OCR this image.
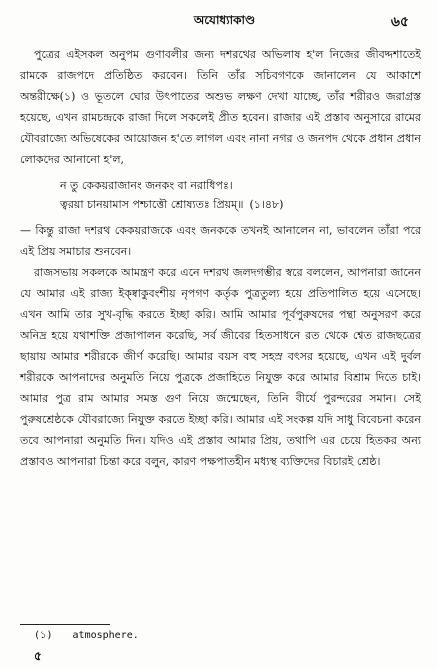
অযোধ্যাকাণ্ড	৬৫

পুত্রের এইসকল অনুপম গুণাবলীর জন্য দশরথের অভিলাষ হ'ল নিজের জীবদ্দশাতেই রামকে রাজপদে প্রতিষ্ঠিত করবেন। তিনি তাঁর সচিবগণকে জানালেন যে আকাশে অন্তরীক্ষে(১) ও ভূতলে ঘোর উৎপাতের অশুভ লক্ষণ দেখা যাচ্ছে, তাঁর শরীরও জরাগ্রস্ত হয়েছে, এখন রামচন্দ্রকে রাজা দিলে সকলেই প্রীত হবেন। রাজার এই প্রস্তাব অনুসারে রামের যৌবরাজ্যে অভিষেকের আয়োজন হ'তে লাগল এবং নানা নগর ও জনপদ থেকে প্রধান প্রধান লোকদের আনানো হ'ল,

ন তু কেকয়রাজানং জনকং বা নরাধিপঃ।
ত্বরয়া চানয়ামাস পশ্চাত্তৌ শ্রোষ্যতঃ প্রিয়ম্॥ (১।৪৮)

— কিন্তু রাজা দশরথ কেকয়রাজকে এবং জনককে তখনই আনালেন না, ভাবলেন তাঁরা পরে এই প্রিয় সমাচার শুনবেন।

রাজসভায় সকলকে আমন্ত্রণ করে এনে দশরথ জলদগম্ভীর স্বরে বললেন, আপনারা জানেন যে আমার এই রাজ্য ইক্ষ্বাকুবংশীয় নৃপগণ কর্তৃক পুত্রতুল্য হয়ে প্রতিপালিত হয়ে এসেছে। এখন আমি তার সুখ-বৃদ্ধি করতে ইচ্ছা করি। আমি আমার পূর্বপুরুষদের পন্থা অনুসরণ করে অনিদ্র হয়ে যথাশক্তি প্রজাপালন করেছি, সর্ব জীবের হিতসাধনে রত থেকে শ্বেত রাজছত্রের ছায়ায় আমার শরীরকে জীর্ণ করেছি। আমার বয়স বহু সহস্র বৎসর হয়েছে, এখন এই দুর্বল শরীরকে আপনাদের অনুমতি নিয়ে পুত্রকে প্রজাহিতে নিযুক্ত করে আমার বিশ্রাম দিতে চাই। আমার পুত্র রাম আমার সমস্ত গুণ নিয়ে জন্মেছেন, তিনি বীর্যে পুরন্দরের সমান। সেই পুরুষশ্রেষ্ঠকে যৌবরাজ্যে নিযুক্ত করতে ইচ্ছা করি। আমার এই সংকল্প যদি সাধু বিবেচনা করেন তবে আপনারা অনুমতি দিন। যদিও এই প্রস্তাব আমার প্রিয়, তথাপি এর চেয়ে হিতকর অন্য প্রস্তাবও আপনারা চিন্তা করে বলুন, কারণ পক্ষপাতহীন মধ্যস্থ ব্যক্তিদের বিচারই শ্রেষ্ঠ।

(১) atmosphere.
৫
